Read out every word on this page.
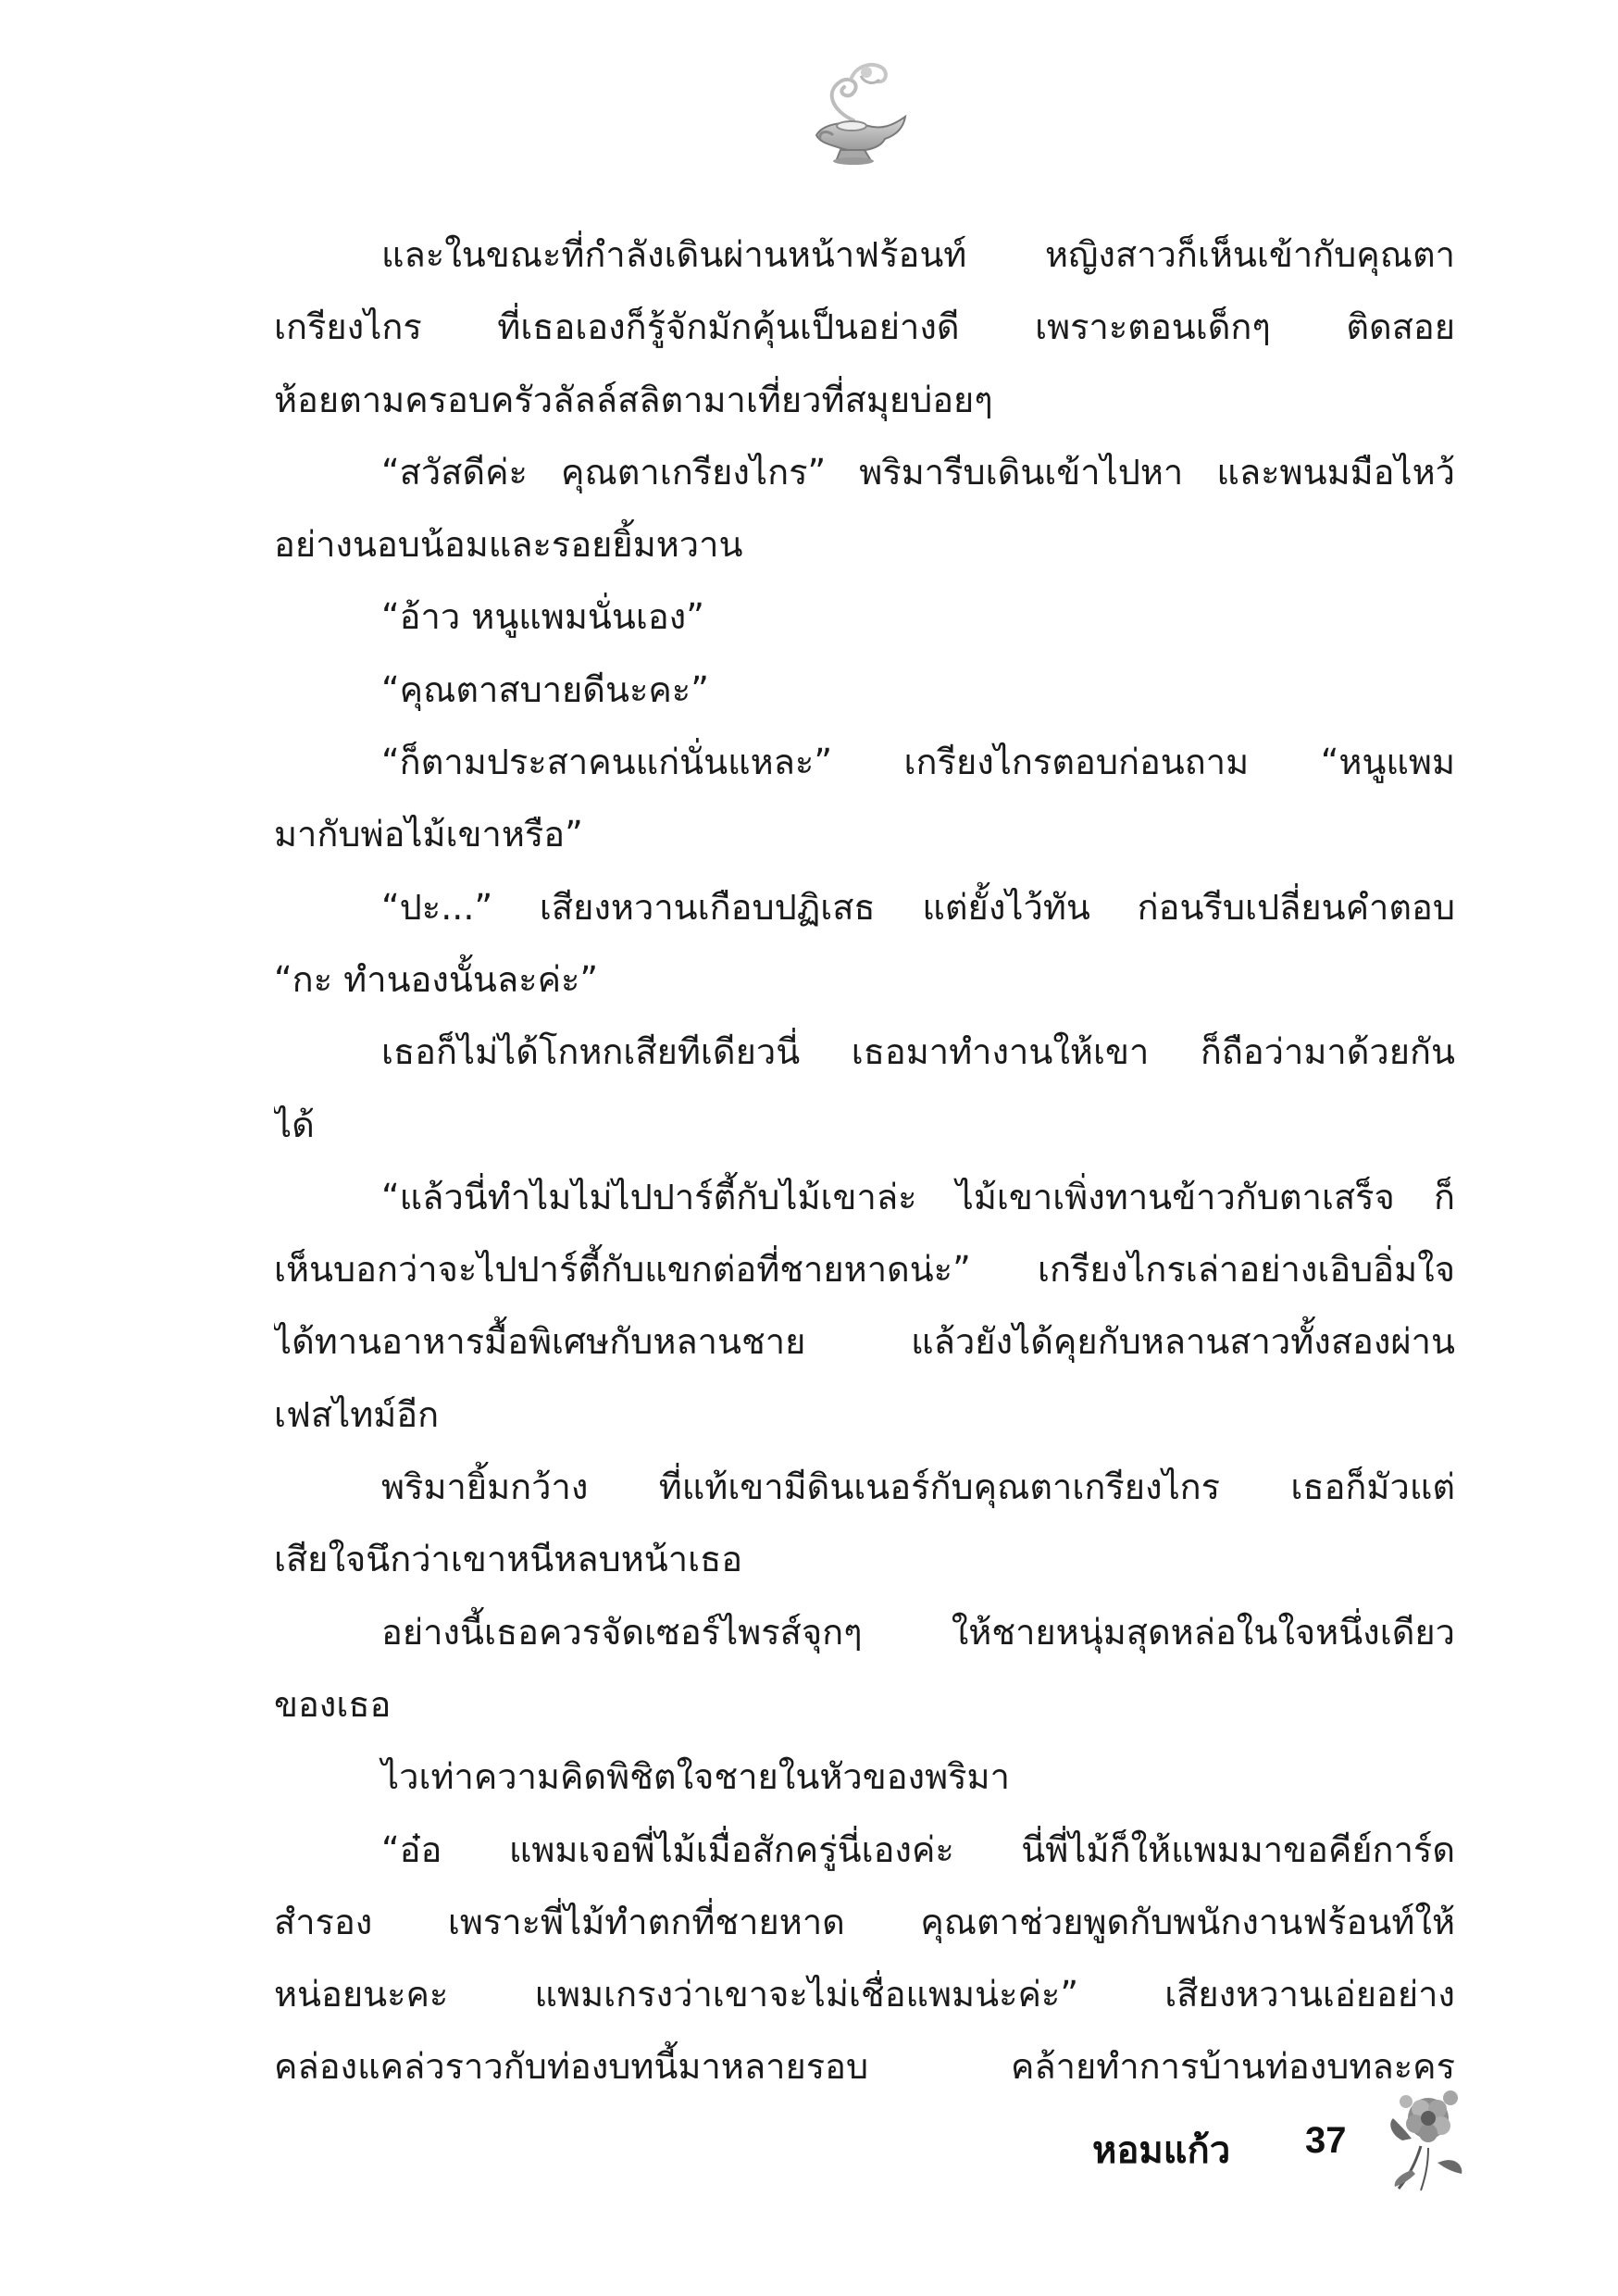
และในขณะที่กำลังเดินผ่านหน้าฟร้อนท์ หญิงสาวก็เห็นเข้ากับคุณตา
เกรียงไกร ที่เธอเองก็รู้จักมักคุ้นเป็นอย่างดี เพราะตอนเด็กๆ ติดสอย
ห้อยตามครอบครัวลัลล์สลิตามาเที่ยวที่สมุยบ่อยๆ
“สวัสดีค่ะ คุณตาเกรียงไกร” พริมารีบเดินเข้าไปหา และพนมมือไหว้
อย่างนอบน้อมและรอยยิ้มหวาน
“อ้าว หนูแพมนั่นเอง”
“คุณตาสบายดีนะคะ”
“ก็ตามประสาคนแก่นั่นแหละ” เกรียงไกรตอบก่อนถาม “หนูแพม
มากับพ่อไม้เขาหรือ”
“ปะ...” เสียงหวานเกือบปฏิเสธ แต่ยั้งไว้ทัน ก่อนรีบเปลี่ยนคำตอบ
“กะ ทำนองนั้นละค่ะ”
เธอก็ไม่ได้โกหกเสียทีเดียวนี่ เธอมาทำงานให้เขา ก็ถือว่ามาด้วยกัน
ได้
“แล้วนี่ทำไมไม่ไปปาร์ตี้กับไม้เขาล่ะ ไม้เขาเพิ่งทานข้าวกับตาเสร็จ ก็
เห็นบอกว่าจะไปปาร์ตี้กับแขกต่อที่ชายหาดน่ะ” เกรียงไกรเล่าอย่างเอิบอิ่มใจ
ได้ทานอาหารมื้อพิเศษกับหลานชาย แล้วยังได้คุยกับหลานสาวทั้งสองผ่าน
เฟสไทม์อีก
พริมายิ้มกว้าง ที่แท้เขามีดินเนอร์กับคุณตาเกรียงไกร เธอก็มัวแต่
เสียใจนึกว่าเขาหนีหลบหน้าเธอ
อย่างนี้เธอควรจัดเซอร์ไพรส์จุกๆ ให้ชายหนุ่มสุดหล่อในใจหนึ่งเดียว
ของเธอ
ไวเท่าความคิดพิชิตใจชายในหัวของพริมา
“อ๋อ แพมเจอพี่ไม้เมื่อสักครู่นี่เองค่ะ นี่พี่ไม้ก็ให้แพมมาขอคีย์การ์ด
สำรอง เพราะพี่ไม้ทำตกที่ชายหาด คุณตาช่วยพูดกับพนักงานฟร้อนท์ให้
หน่อยนะคะ แพมเกรงว่าเขาจะไม่เชื่อแพมน่ะค่ะ” เสียงหวานเอ่ยอย่าง
คล่องแคล่วราวกับท่องบทนี้มาหลายรอบ คล้ายทำการบ้านท่องบทละคร
หอมแก้ว 37
